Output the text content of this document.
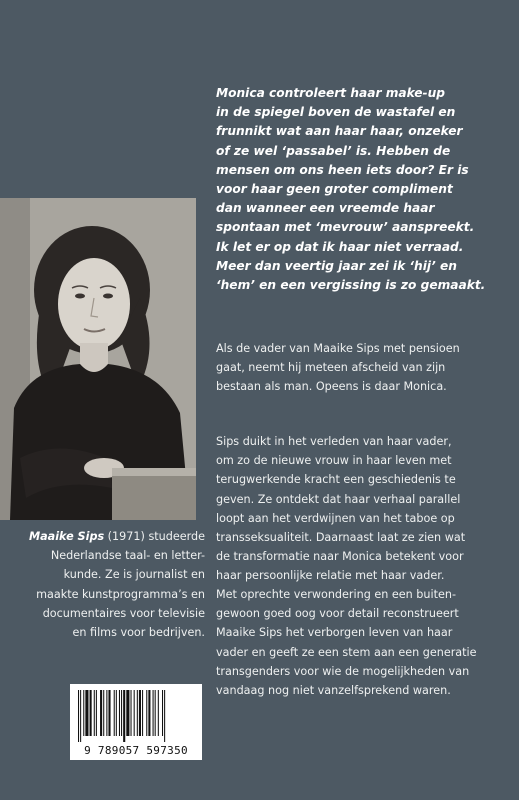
Monica controleert haar make-up
in de spiegel boven de wastafel en
frunnikt wat aan haar haar, onzeker
of ze wel ‘passabel’ is. Hebben de
mensen om ons heen iets door? Er is
voor haar geen groter compliment
dan wanneer een vreemde haar
spontaan met ‘mevrouw’ aanspreekt.
Ik let er op dat ik haar niet verraad.
Meer dan veertig jaar zei ik ‘hij’ en
‘hem’ en een vergissing is zo gemaakt.
Als de vader van Maaike Sips met pensioen
gaat, neemt hij meteen afscheid van zijn
bestaan als man. Opeens is daar Monica.
Sips duikt in het verleden van haar vader,
om zo de nieuwe vrouw in haar leven met
terugwerkende kracht een geschiedenis te
geven. Ze ontdekt dat haar verhaal parallel
loopt aan het verdwijnen van het taboe op
transseksualiteit. Daarnaast laat ze zien wat
de transformatie naar Monica betekent voor
haar persoonlijke relatie met haar vader.
Met oprechte verwondering en een buiten-
gewoon goed oog voor detail reconstrueert
Maaike Sips het verborgen leven van haar
vader en geeft ze een stem aan een generatie
transgenders voor wie de mogelijkheden van
vandaag nog niet vanzelfsprekend waren.
Maaike Sips (1971) studeerde
Nederlandse taal- en letter-
kunde. Ze is journalist en
maakte kunstprogramma’s en
documentaires voor televisie
en films voor bedrijven.
9 789057 597350
